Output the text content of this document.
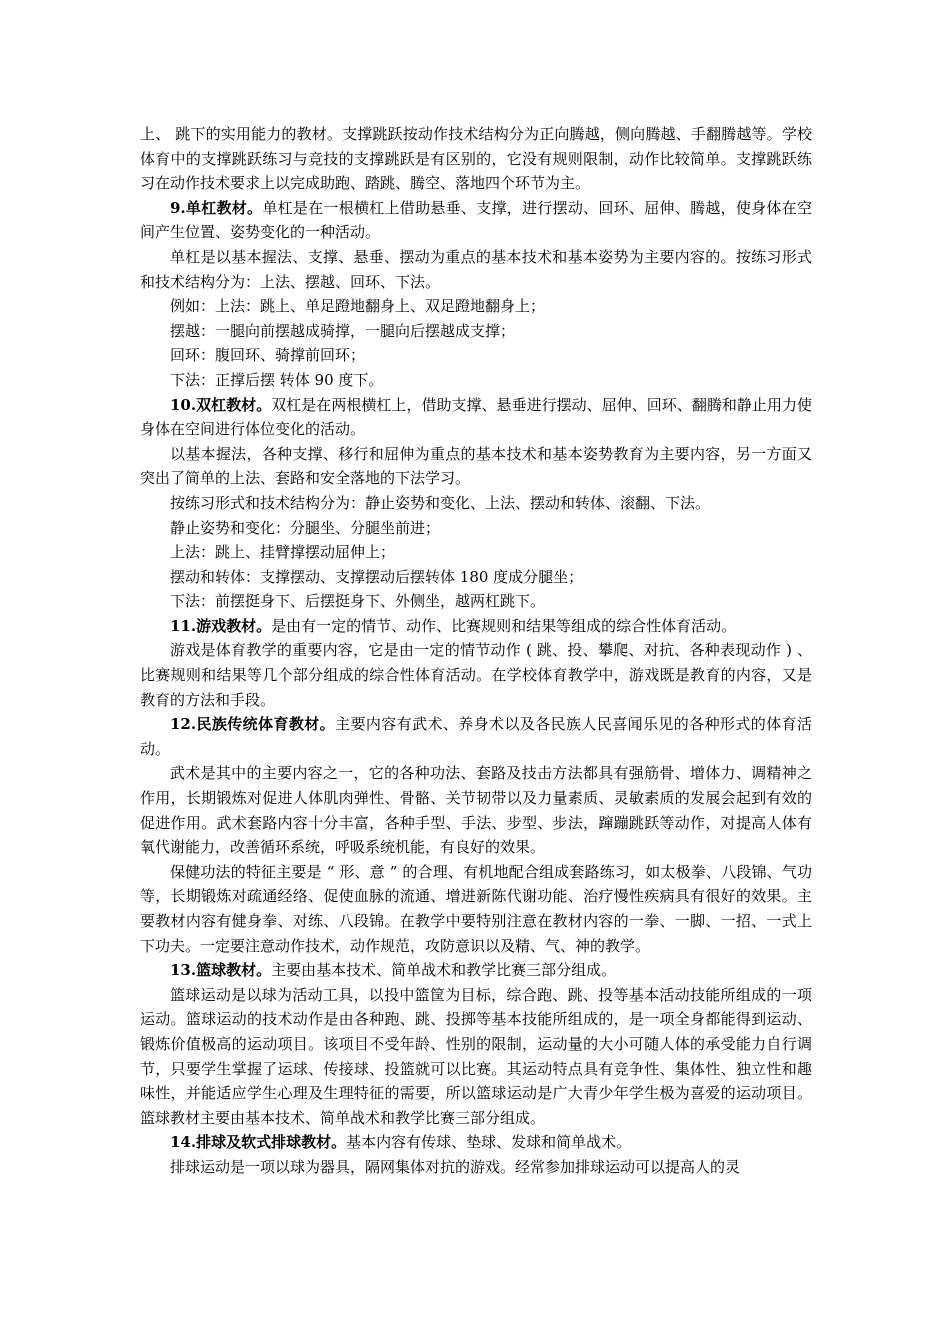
上、 跳下的实用能力的教材。支撑跳跃按动作技术结构分为正向腾越，侧向腾越、手翻腾越等。学校体育中的支撑跳跃练习与竞技的支撑跳跃是有区别的，它没有规则限制，动作比较简单。支撑跳跃练习在动作技术要求上以完成助跑、踏跳、腾空、落地四个环节为主。

9.单杠教材。单杠是在一根横杠上借助悬垂、支撑，进行摆动、回环、屈伸、腾越，使身体在空间产生位置、姿势变化的一种活动。

单杠是以基本握法、支撑、悬垂、摆动为重点的基本技术和基本姿势为主要内容的。按练习形式和技术结构分为：上法、摆越、回环、下法。

例如：上法：跳上、单足蹬地翻身上、双足蹬地翻身上；

摆越：一腿向前摆越成骑撑，一腿向后摆越成支撑；

回环：腹回环、骑撑前回环；

下法：正撑后摆 转体 90 度下。

10.双杠教材。双杠是在两根横杠上，借助支撑、悬垂进行摆动、屈伸、回环、翻腾和静止用力使身体在空间进行体位变化的活动。

以基本握法，各种支撑、移行和屈伸为重点的基本技术和基本姿势教育为主要内容，另一方面又突出了简单的上法、套路和安全落地的下法学习。

按练习形式和技术结构分为：静止姿势和变化、上法、摆动和转体、滚翻、下法。

静止姿势和变化：分腿坐、分腿坐前进；

上法：跳上、挂臂撑摆动屈伸上；

摆动和转体：支撑摆动、支撑摆动后摆转体 180 度成分腿坐；

下法：前摆挺身下、后摆挺身下、外侧坐，越两杠跳下。

11.游戏教材。是由有一定的情节、动作、比赛规则和结果等组成的综合性体育活动。

游戏是体育教学的重要内容，它是由一定的情节动作 ( 跳、投、攀爬、对抗、各种表现动作 ) 、比赛规则和结果等几个部分组成的综合性体育活动。在学校体育教学中，游戏既是教育的内容，又是教育的方法和手段。

12.民族传统体育教材。主要内容有武术、养身术以及各民族人民喜闻乐见的各种形式的体育活动。

武术是其中的主要内容之一，它的各种功法、套路及技击方法都具有强筋骨、增体力、调精神之作用，长期锻炼对促进人体肌肉弹性、骨骼、关节韧带以及力量素质、灵敏素质的发展会起到有效的促进作用。武术套路内容十分丰富，各种手型、手法、步型、步法，蹿蹦跳跃等动作，对提高人体有氧代谢能力，改善循环系统，呼吸系统机能，有良好的效果。

保健功法的特征主要是 “ 形、意 ” 的合理、有机地配合组成套路练习，如太极拳、八段锦、气功等，长期锻炼对疏通经络、促使血脉的流通、增进新陈代谢功能、治疗慢性疾病具有很好的效果。主要教材内容有健身拳、对练、八段锦。在教学中要特别注意在教材内容的一拳、一脚、一招、一式上下功夫。一定要注意动作技术，动作规范，攻防意识以及精、气、神的教学。

13.篮球教材。主要由基本技术、简单战术和教学比赛三部分组成。

篮球运动是以球为活动工具，以投中篮筐为目标，综合跑、跳、投等基本活动技能所组成的一项运动。篮球运动的技术动作是由各种跑、跳、投掷等基本技能所组成的，是一项全身都能得到运动、锻炼价值极高的运动项目。该项目不受年龄、性别的限制，运动量的大小可随人体的承受能力自行调节，只要学生掌握了运球、传接球、投篮就可以比赛。其运动特点具有竞争性、集体性、独立性和趣味性，并能适应学生心理及生理特征的需要，所以篮球运动是广大青少年学生极为喜爱的运动项目。篮球教材主要由基本技术、简单战术和教学比赛三部分组成。

14.排球及软式排球教材。基本内容有传球、垫球、发球和简单战术。

排球运动是一项以球为器具，隔网集体对抗的游戏。经常参加排球运动可以提高人的灵
